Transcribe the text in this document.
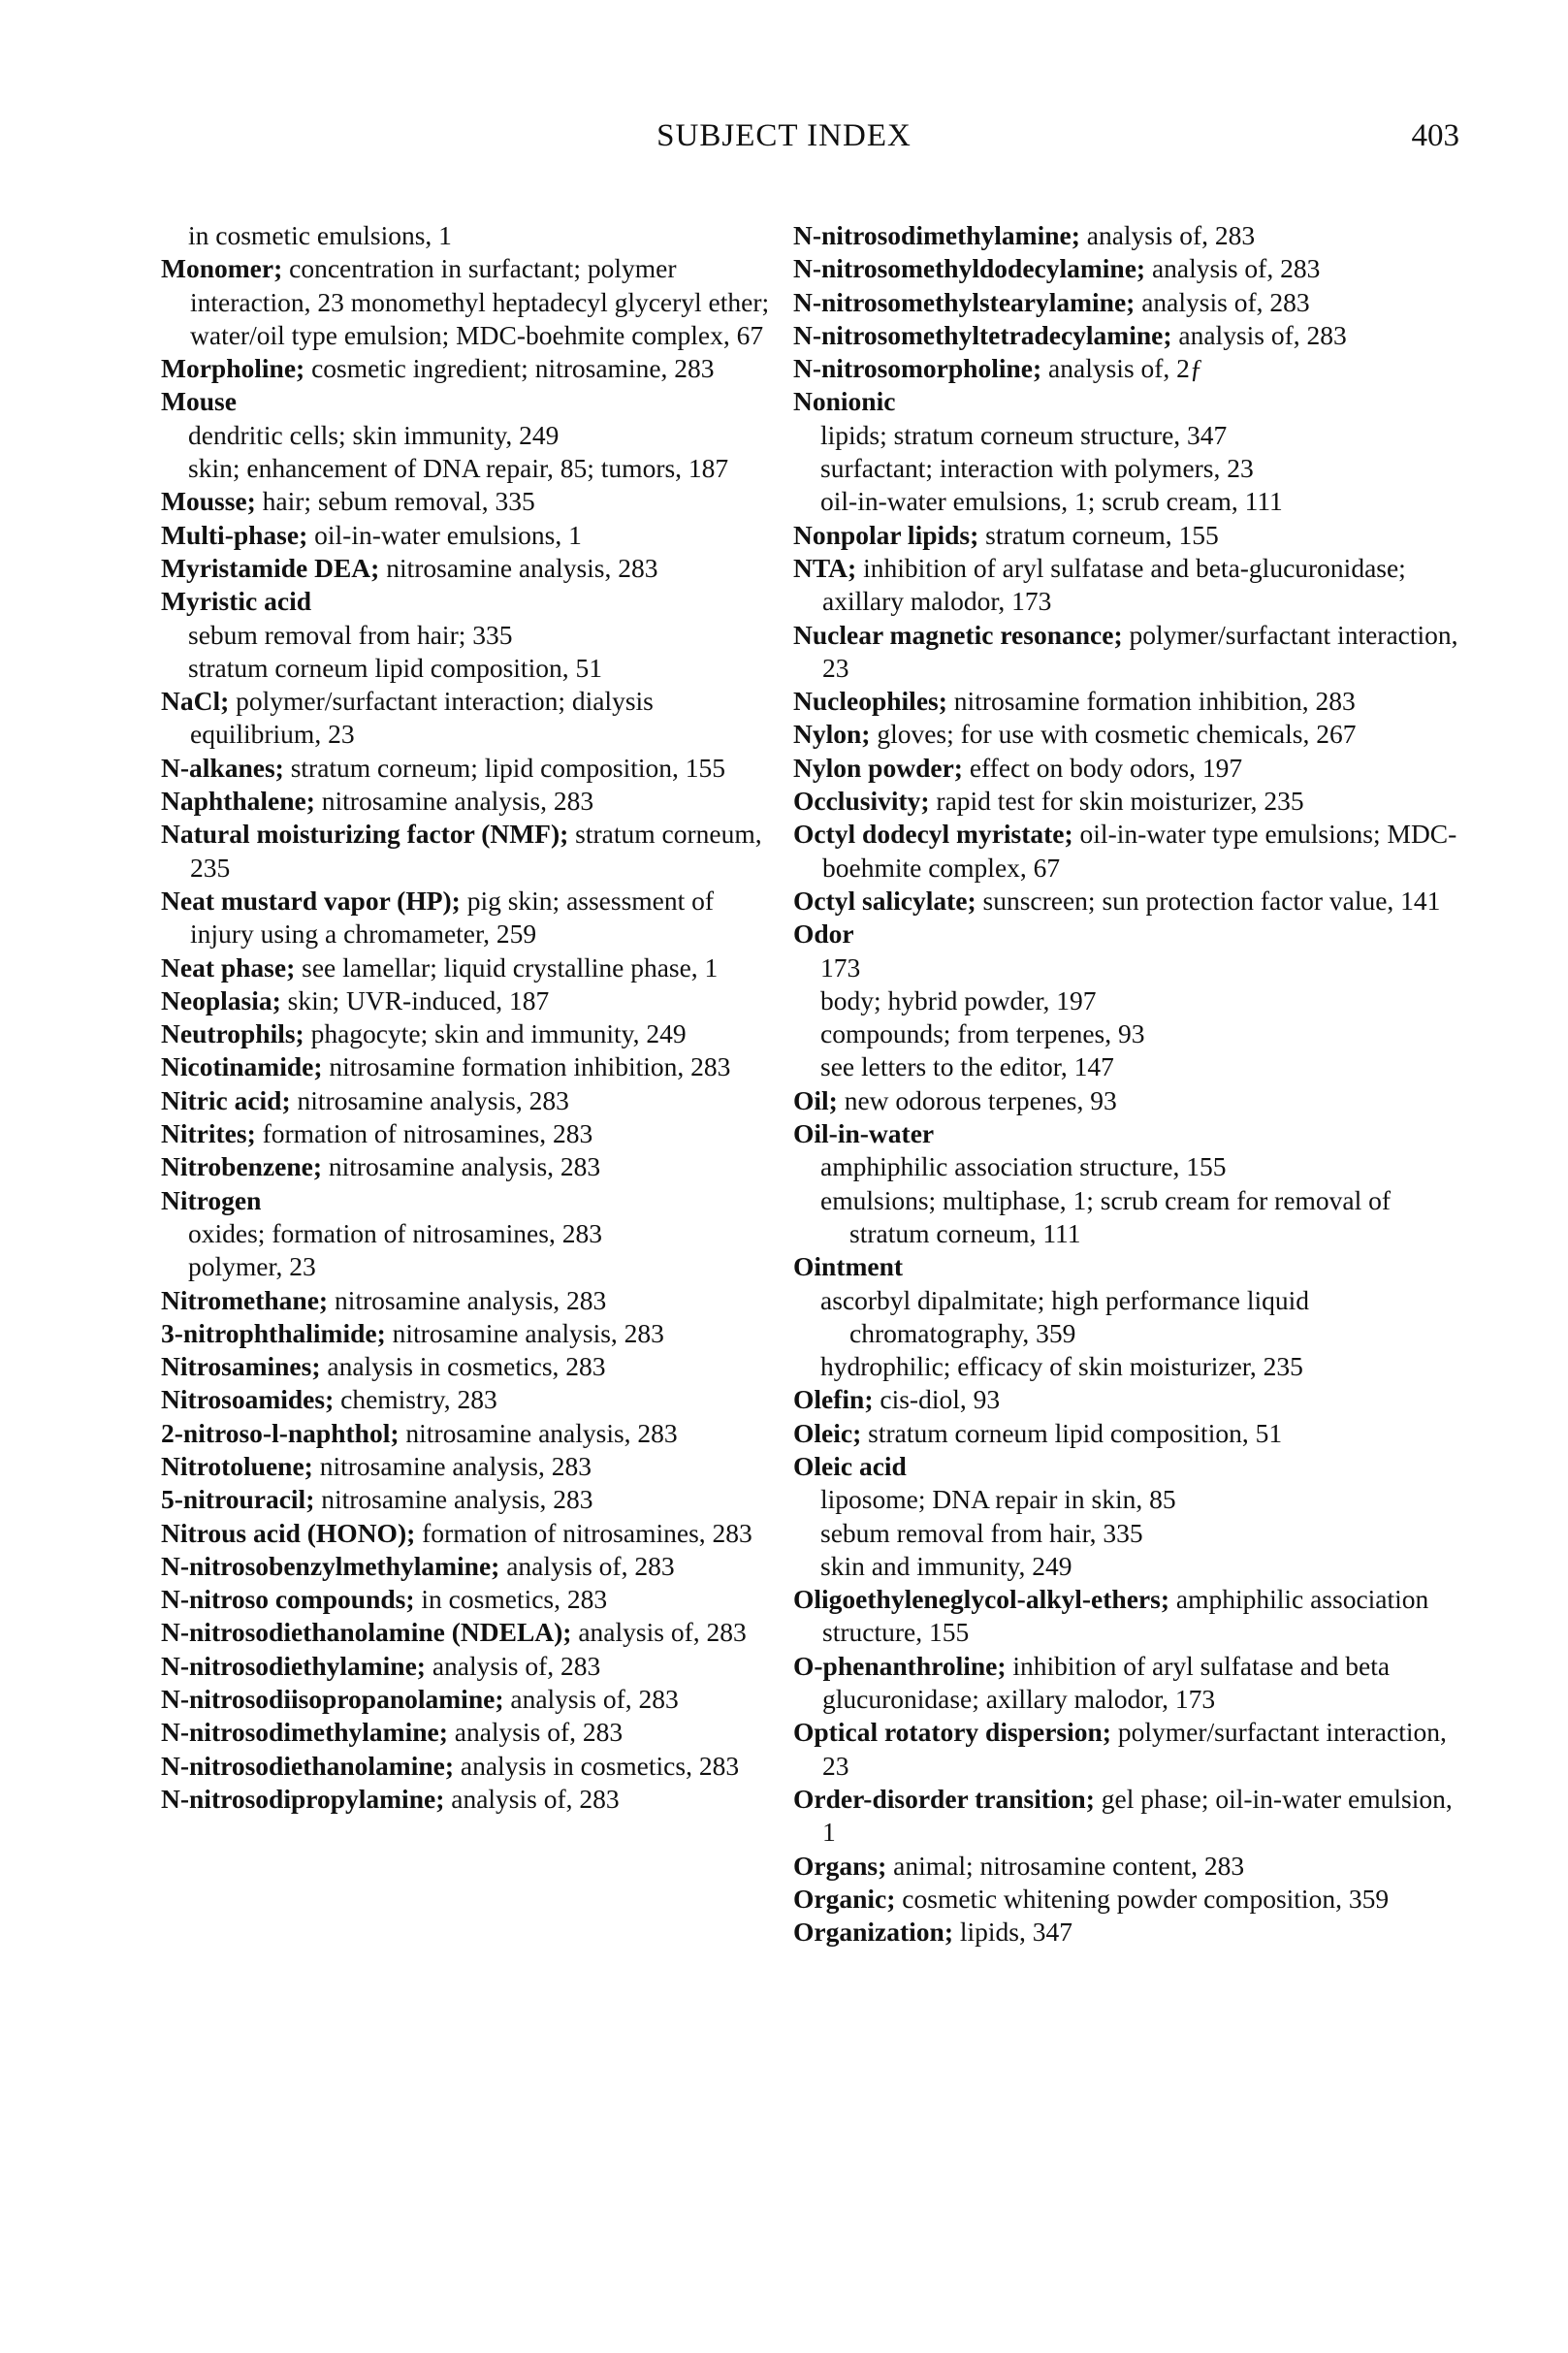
SUBJECT INDEX	403
in cosmetic emulsions, 1
Monomer; concentration in surfactant; polymer interaction, 23 monomethyl heptadecyl glyceryl ether; water/oil type emulsion; MDC-boehmite complex, 67
Morpholine; cosmetic ingredient; nitrosamine, 283
Mouse
dendritic cells; skin immunity, 249
skin; enhancement of DNA repair, 85; tumors, 187
Mousse; hair; sebum removal, 335
Multi-phase; oil-in-water emulsions, 1
Myristamide DEA; nitrosamine analysis, 283
Myristic acid
sebum removal from hair; 335
stratum corneum lipid composition, 51
NaCl; polymer/surfactant interaction; dialysis equilibrium, 23
N-alkanes; stratum corneum; lipid composition, 155
Naphthalene; nitrosamine analysis, 283
Natural moisturizing factor (NMF); stratum corneum, 235
Neat mustard vapor (HP); pig skin; assessment of injury using a chromameter, 259
Neat phase; see lamellar; liquid crystalline phase, 1
Neoplasia; skin; UVR-induced, 187
Neutrophils; phagocyte; skin and immunity, 249
Nicotinamide; nitrosamine formation inhibition, 283
Nitric acid; nitrosamine analysis, 283
Nitrites; formation of nitrosamines, 283
Nitrobenzene; nitrosamine analysis, 283
Nitrogen
oxides; formation of nitrosamines, 283
polymer, 23
Nitromethane; nitrosamine analysis, 283
3-nitrophthalimide; nitrosamine analysis, 283
Nitrosamines; analysis in cosmetics, 283
Nitrosoamides; chemistry, 283
2-nitroso-l-naphthol; nitrosamine analysis, 283
Nitrotoluene; nitrosamine analysis, 283
5-nitrouracil; nitrosamine analysis, 283
Nitrous acid (HONO); formation of nitrosamines, 283
N-nitrosobenzylmethylamine; analysis of, 283
N-nitroso compounds; in cosmetics, 283
N-nitrosodiethanolamine (NDELA); analysis of, 283
N-nitrosodiethylamine; analysis of, 283
N-nitrosodiisopropanolamine; analysis of, 283
N-nitrosodimethylamine; analysis of, 283
N-nitrosodiethanolamine; analysis in cosmetics, 283
N-nitrosodipropylamine; analysis of, 283
N-nitrosodimethylamine; analysis of, 283
N-nitrosomethyldodecylamine; analysis of, 283
N-nitrosomethylstearylamine; analysis of, 283
N-nitrosomethyltetradecylamine; analysis of, 283
N-nitrosomorpholine; analysis of, 2ƒ
Nonionic
lipids; stratum corneum structure, 347
surfactant; interaction with polymers, 23
oil-in-water emulsions, 1; scrub cream, 111
Nonpolar lipids; stratum corneum, 155
NTA; inhibition of aryl sulfatase and beta-glucuronidase; axillary malodor, 173
Nuclear magnetic resonance; polymer/surfactant interaction, 23
Nucleophiles; nitrosamine formation inhibition, 283
Nylon; gloves; for use with cosmetic chemicals, 267
Nylon powder; effect on body odors, 197
Occlusivity; rapid test for skin moisturizer, 235
Octyl dodecyl myristate; oil-in-water type emulsions; MDC-boehmite complex, 67
Octyl salicylate; sunscreen; sun protection factor value, 141
Odor
173
body; hybrid powder, 197
compounds; from terpenes, 93
see letters to the editor, 147
Oil; new odorous terpenes, 93
Oil-in-water
amphiphilic association structure, 155
emulsions; multiphase, 1; scrub cream for removal of stratum corneum, 111
Ointment
ascorbyl dipalmitate; high performance liquid chromatography, 359
hydrophilic; efficacy of skin moisturizer, 235
Olefin; cis-diol, 93
Oleic; stratum corneum lipid composition, 51
Oleic acid
liposome; DNA repair in skin, 85
sebum removal from hair, 335
skin and immunity, 249
Oligoethyleneglycol-alkyl-ethers; amphiphilic association structure, 155
O-phenanthroline; inhibition of aryl sulfatase and beta glucuronidase; axillary malodor, 173
Optical rotatory dispersion; polymer/surfactant interaction, 23
Order-disorder transition; gel phase; oil-in-water emulsion, 1
Organs; animal; nitrosamine content, 283
Organic; cosmetic whitening powder composition, 359
Organization; lipids, 347
